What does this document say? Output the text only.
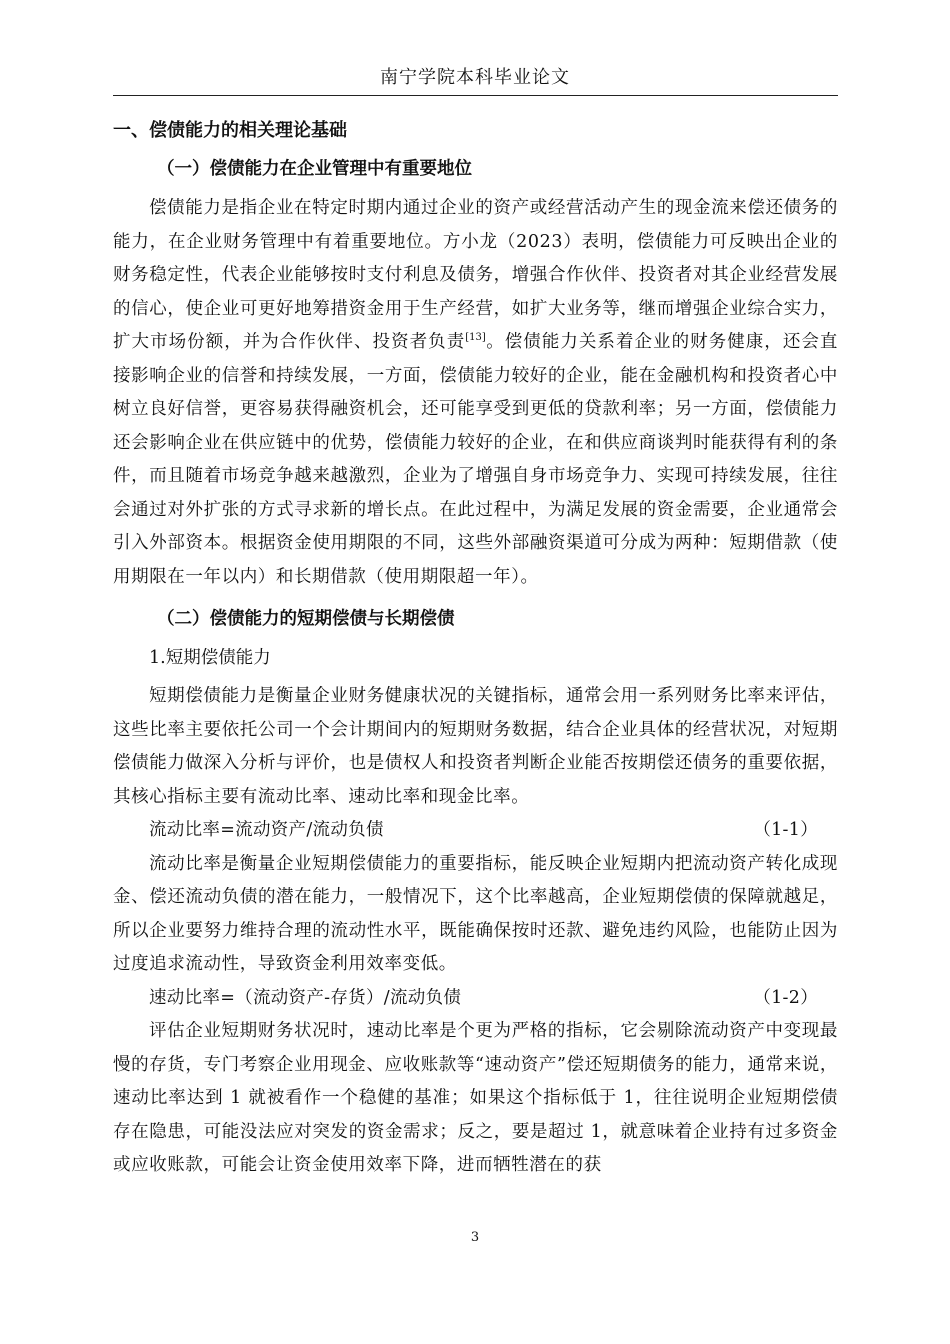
南宁学院本科毕业论文
一、偿债能力的相关理论基础
（一）偿债能力在企业管理中有重要地位

偿债能力是指企业在特定时期内通过企业的资产或经营活动产生的现金流来偿还债务的能力，在企业财务管理中有着重要地位。方小龙（2023）表明，偿债能力可反映出企业的财务稳定性，代表企业能够按时支付利息及债务，增强合作伙伴、投资者对其企业经营发展的信心，使企业可更好地筹措资金用于生产经营，如扩大业务等，继而增强企业综合实力，扩大市场份额，并为合作伙伴、投资者负责[13]。偿债能力关系着企业的财务健康，还会直接影响企业的信誉和持续发展，一方面，偿债能力较好的企业，能在金融机构和投资者心中树立良好信誉，更容易获得融资机会，还可能享受到更低的贷款利率；另一方面，偿债能力还会影响企业在供应链中的优势，偿债能力较好的企业，在和供应商谈判时能获得有利的条件，而且随着市场竞争越来越激烈，企业为了增强自身市场竞争力、实现可持续发展，往往会通过对外扩张的方式寻求新的增长点。在此过程中，为满足发展的资金需要，企业通常会引入外部资本。根据资金使用期限的不同，这些外部融资渠道可分成为两种：短期借款（使用期限在一年以内）和长期借款（使用期限超一年）。

（二）偿债能力的短期偿债与长期偿债
1.短期偿债能力

短期偿债能力是衡量企业财务健康状况的关键指标，通常会用一系列财务比率来评估，这些比率主要依托公司一个会计期间内的短期财务数据，结合企业具体的经营状况，对短期偿债能力做深入分析与评价，也是债权人和投资者判断企业能否按期偿还债务的重要依据，其核心指标主要有流动比率、速动比率和现金比率。

流动比率=流动资产/流动负债	（1-1）

流动比率是衡量企业短期偿债能力的重要指标，能反映企业短期内把流动资产转化成现金、偿还流动负债的潜在能力，一般情况下，这个比率越高，企业短期偿债的保障就越足，所以企业要努力维持合理的流动性水平，既能确保按时还款、避免违约风险，也能防止因为过度追求流动性，导致资金利用效率变低。

速动比率=（流动资产-存货）/流动负债	（1-2）

评估企业短期财务状况时，速动比率是个更为严格的指标，它会剔除流动资产中变现最慢的存货，专门考察企业用现金、应收账款等“速动资产”偿还短期债务的能力，通常来说，速动比率达到 1 就被看作一个稳健的基准；如果这个指标低于 1，往往说明企业短期偿债存在隐患，可能没法应对突发的资金需求；反之，要是超过 1，就意味着企业持有过多资金或应收账款，可能会让资金使用效率下降，进而牺牲潜在的获

3
